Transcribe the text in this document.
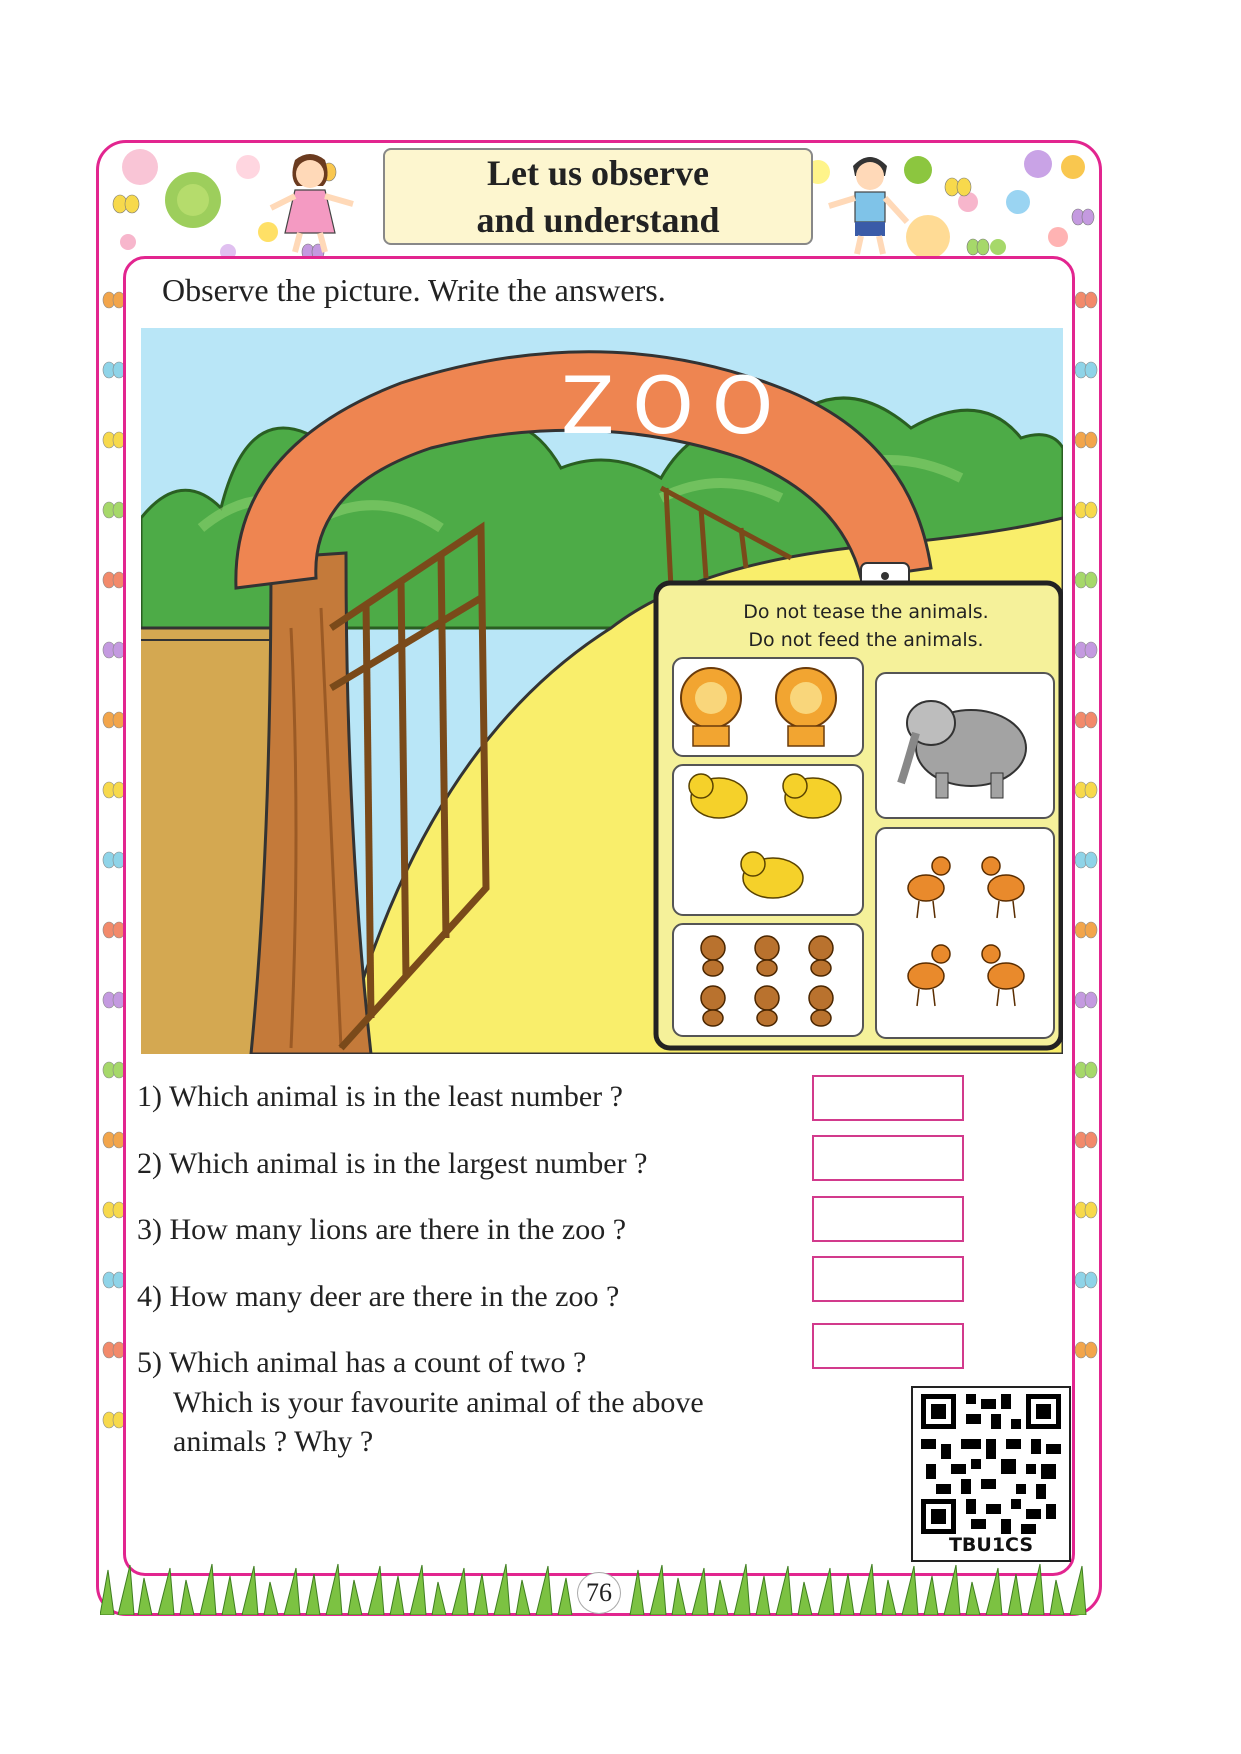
Let us observe
and understand
Observe the picture. Write the answers.
ZOO
Do not tease the animals.
Do not feed the animals.
1) Which animal is in the least number ?
2) Which animal is in the largest number ?
3) How many lions are there in the zoo ?
4) How many deer are there in the zoo ?
5) Which animal has a count of two ?
Which is your favourite animal of the above
animals ? Why ?
TBU1CS
76
